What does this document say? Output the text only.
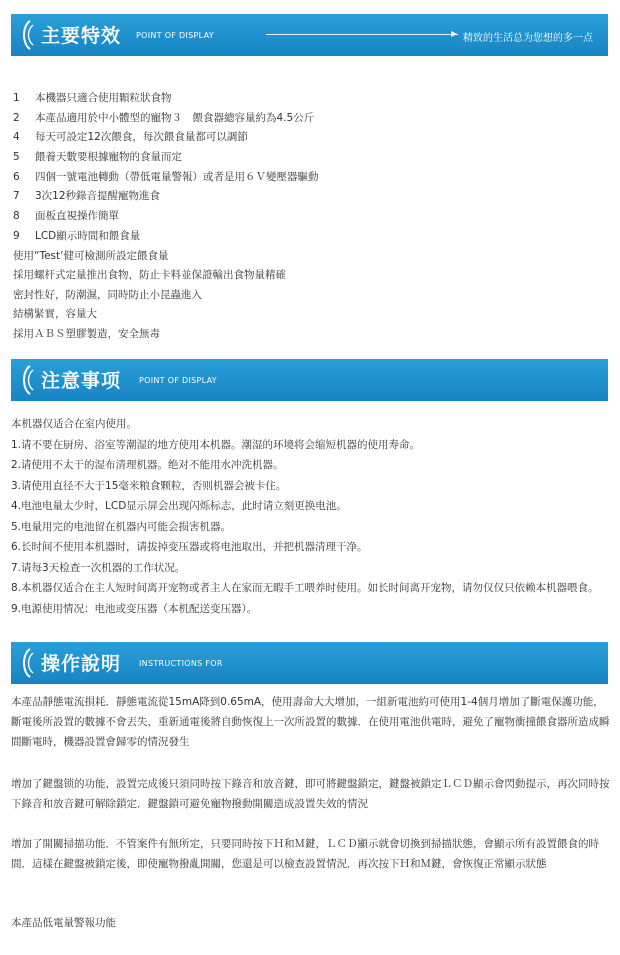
主要特效 POINT OF DISPLAY	精致的生活总为您想的多一点
1 本機器只適合使用顆粒狀食物
2 本產品適用於中小體型的寵物３　餵食器總容量約為4.5公斤
4 每天可設定12次餵食，每次餵食量都可以調節
5 餵養天數要根據寵物的食量而定
6 四個一號電池轉動（帶低電量警報）或者是用６Ｖ變壓器驅動
7 3次12秒錄音提醒寵物進食
8 面板直視操作簡單
9 LCD顯示時間和餵食量
使用“Test’健可檢測所設定餵食量
採用螺杆式定量推出食物，防止卡料並保證輸出食物量精確
密封性好，防潮濕，同時防止小昆蟲進入
結構緊實，容量大
採用ＡＢＳ塑膠製造，安全無毒
注意事项 POINT OF DISPLAY
本机器仅适合在室内使用。
1.请不要在厨房、浴室等潮湿的地方使用本机器。潮湿的环境将会缩短机器的使用寿命。
2.请使用不太干的湿布清理机器。绝对不能用水冲洗机器。
3.请使用直径不大于15毫米粮食颗粒，否则机器会被卡住。
4.电池电量太少时，LCD显示屏会出现闪烁标志，此时请立刻更换电池。
5.电量用完的电池留在机器内可能会损害机器。
6.长时间不使用本机器时，请拔掉变压器或将电池取出，并把机器清理干净。
7.请每3天检查一次机器的工作状况。
8.本机器仅适合在主人短时间离开宠物或者主人在家而无暇手工喂养时使用。如长时间离开宠物，请勿仅仅只依赖本机器喂食。
9.电源使用情况：电池或变压器（本机配送变压器）。
操作說明 INSTRUCTIONS FOR
本產品靜態電流損耗．靜態電流從15mA降到0.65mA，使用壽命大大增加，一組新電池約可使用1-4個月增加了斷電保護功能，斷電後所設置的數據不會丟失，重新通電後將自動恢復上一次所設置的數據．在使用電池供電時，避免了寵物衝撞餵食器所造成瞬間斷電時，機器設置會歸零的情況發生
增加了鍵盤锁的功能，設置完成後只須同時按下錄音和放音鍵，即可將鍵盤鎖定，鍵盤被鎖定ＬＣＤ顯示會閃動提示，再次同時按下錄音和放音鍵可解除鎖定．鍵盤鎖可避免寵物撥動開關造成設置失效的情況
增加了開關掃描功能．不管案件有無所定，只要同時按下Ｈ和Ｍ鍵，ＬＣＤ顯示就會切換到掃描狀態，會顯示所有設置餵食的時間．這樣在鍵盤被鎖定後，即使寵物撥亂開關，您還是可以檢查設置情況．再次按下Ｈ和Ｍ鍵，會恢復正常顯示狀態
本產品低電量警報功能
